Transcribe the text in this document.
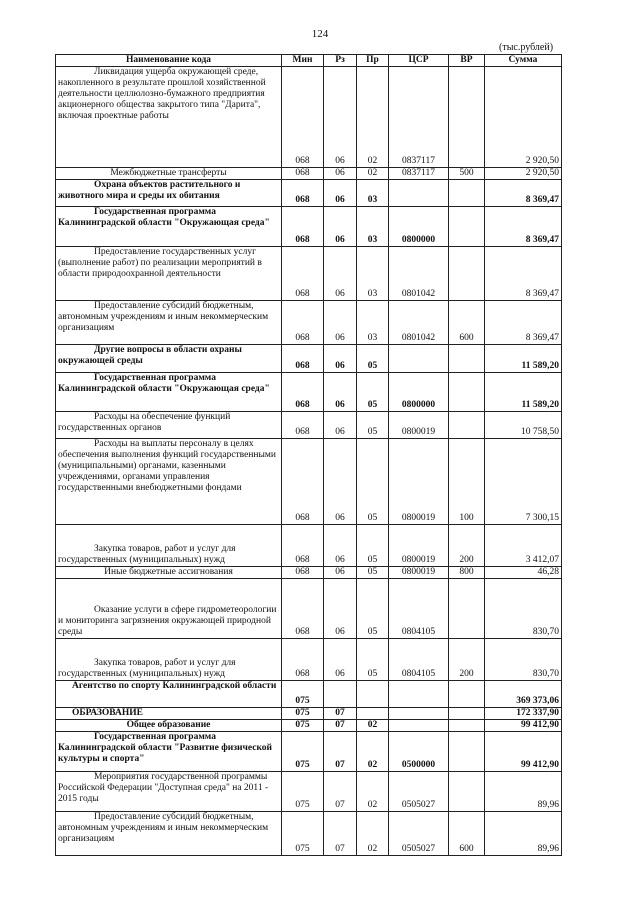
124
(тыс.рублей)
Наименование кода	Мин	Рз	Пр	ЦСР	ВР	Сумма
Ликвидация ущерба окружающей среде, накопленного в результате прошлой хозяйственной деятельности целлюлозно-бумажного предприятия акционерного общества закрытого типа "Дарита", включая проектные работы	068	06	02	0837117		2 920,50
Межбюджетные трансферты	068	06	02	0837117	500	2 920,50
Охрана объектов растительного и животного мира и среды их обитания	068	06	03			8 369,47
Государственная программа Калининградской области "Окружающая среда"	068	06	03	0800000		8 369,47
Предоставление государственных услуг (выполнение работ) по реализации мероприятий в области природоохранной деятельности	068	06	03	0801042		8 369,47
Предоставление субсидий бюджетным, автономным учреждениям и иным некоммерческим организациям	068	06	03	0801042	600	8 369,47
Другие вопросы в области охраны окружающей среды	068	06	05			11 589,20
Государственная программа Калининградской области "Окружающая среда"	068	06	05	0800000		11 589,20
Расходы на обеспечение функций государственных органов	068	06	05	0800019		10 758,50
Расходы на выплаты персоналу в целях обеспечения выполнения функций государственными (муниципальными) органами, казенными учреждениями, органами управления государственными внебюджетными фондами	068	06	05	0800019	100	7 300,15
Закупка товаров, работ и услуг для государственных (муниципальных) нужд	068	06	05	0800019	200	3 412,07
Иные бюджетные ассигнования	068	06	05	0800019	800	46,28
Оказание услуги в сфере гидрометеорологии и мониторинга загрязнения окружающей природной среды	068	06	05	0804105		830,70
Закупка товаров, работ и услуг для государственных (муниципальных) нужд	068	06	05	0804105	200	830,70
Агентство по спорту Калининградской области	075					369 373,06
ОБРАЗОВАНИЕ	075	07				172 337,90
Общее образование	075	07	02			99 412,90
Государственная программа Калининградской области "Развитие физической культуры и спорта"	075	07	02	0500000		99 412,90
Мероприятия государственной программы Российской Федерации "Доступная среда" на 2011 - 2015 годы	075	07	02	0505027		89,96
Предоставление субсидий бюджетным, автономным учреждениям и иным некоммерческим организациям	075	07	02	0505027	600	89,96
